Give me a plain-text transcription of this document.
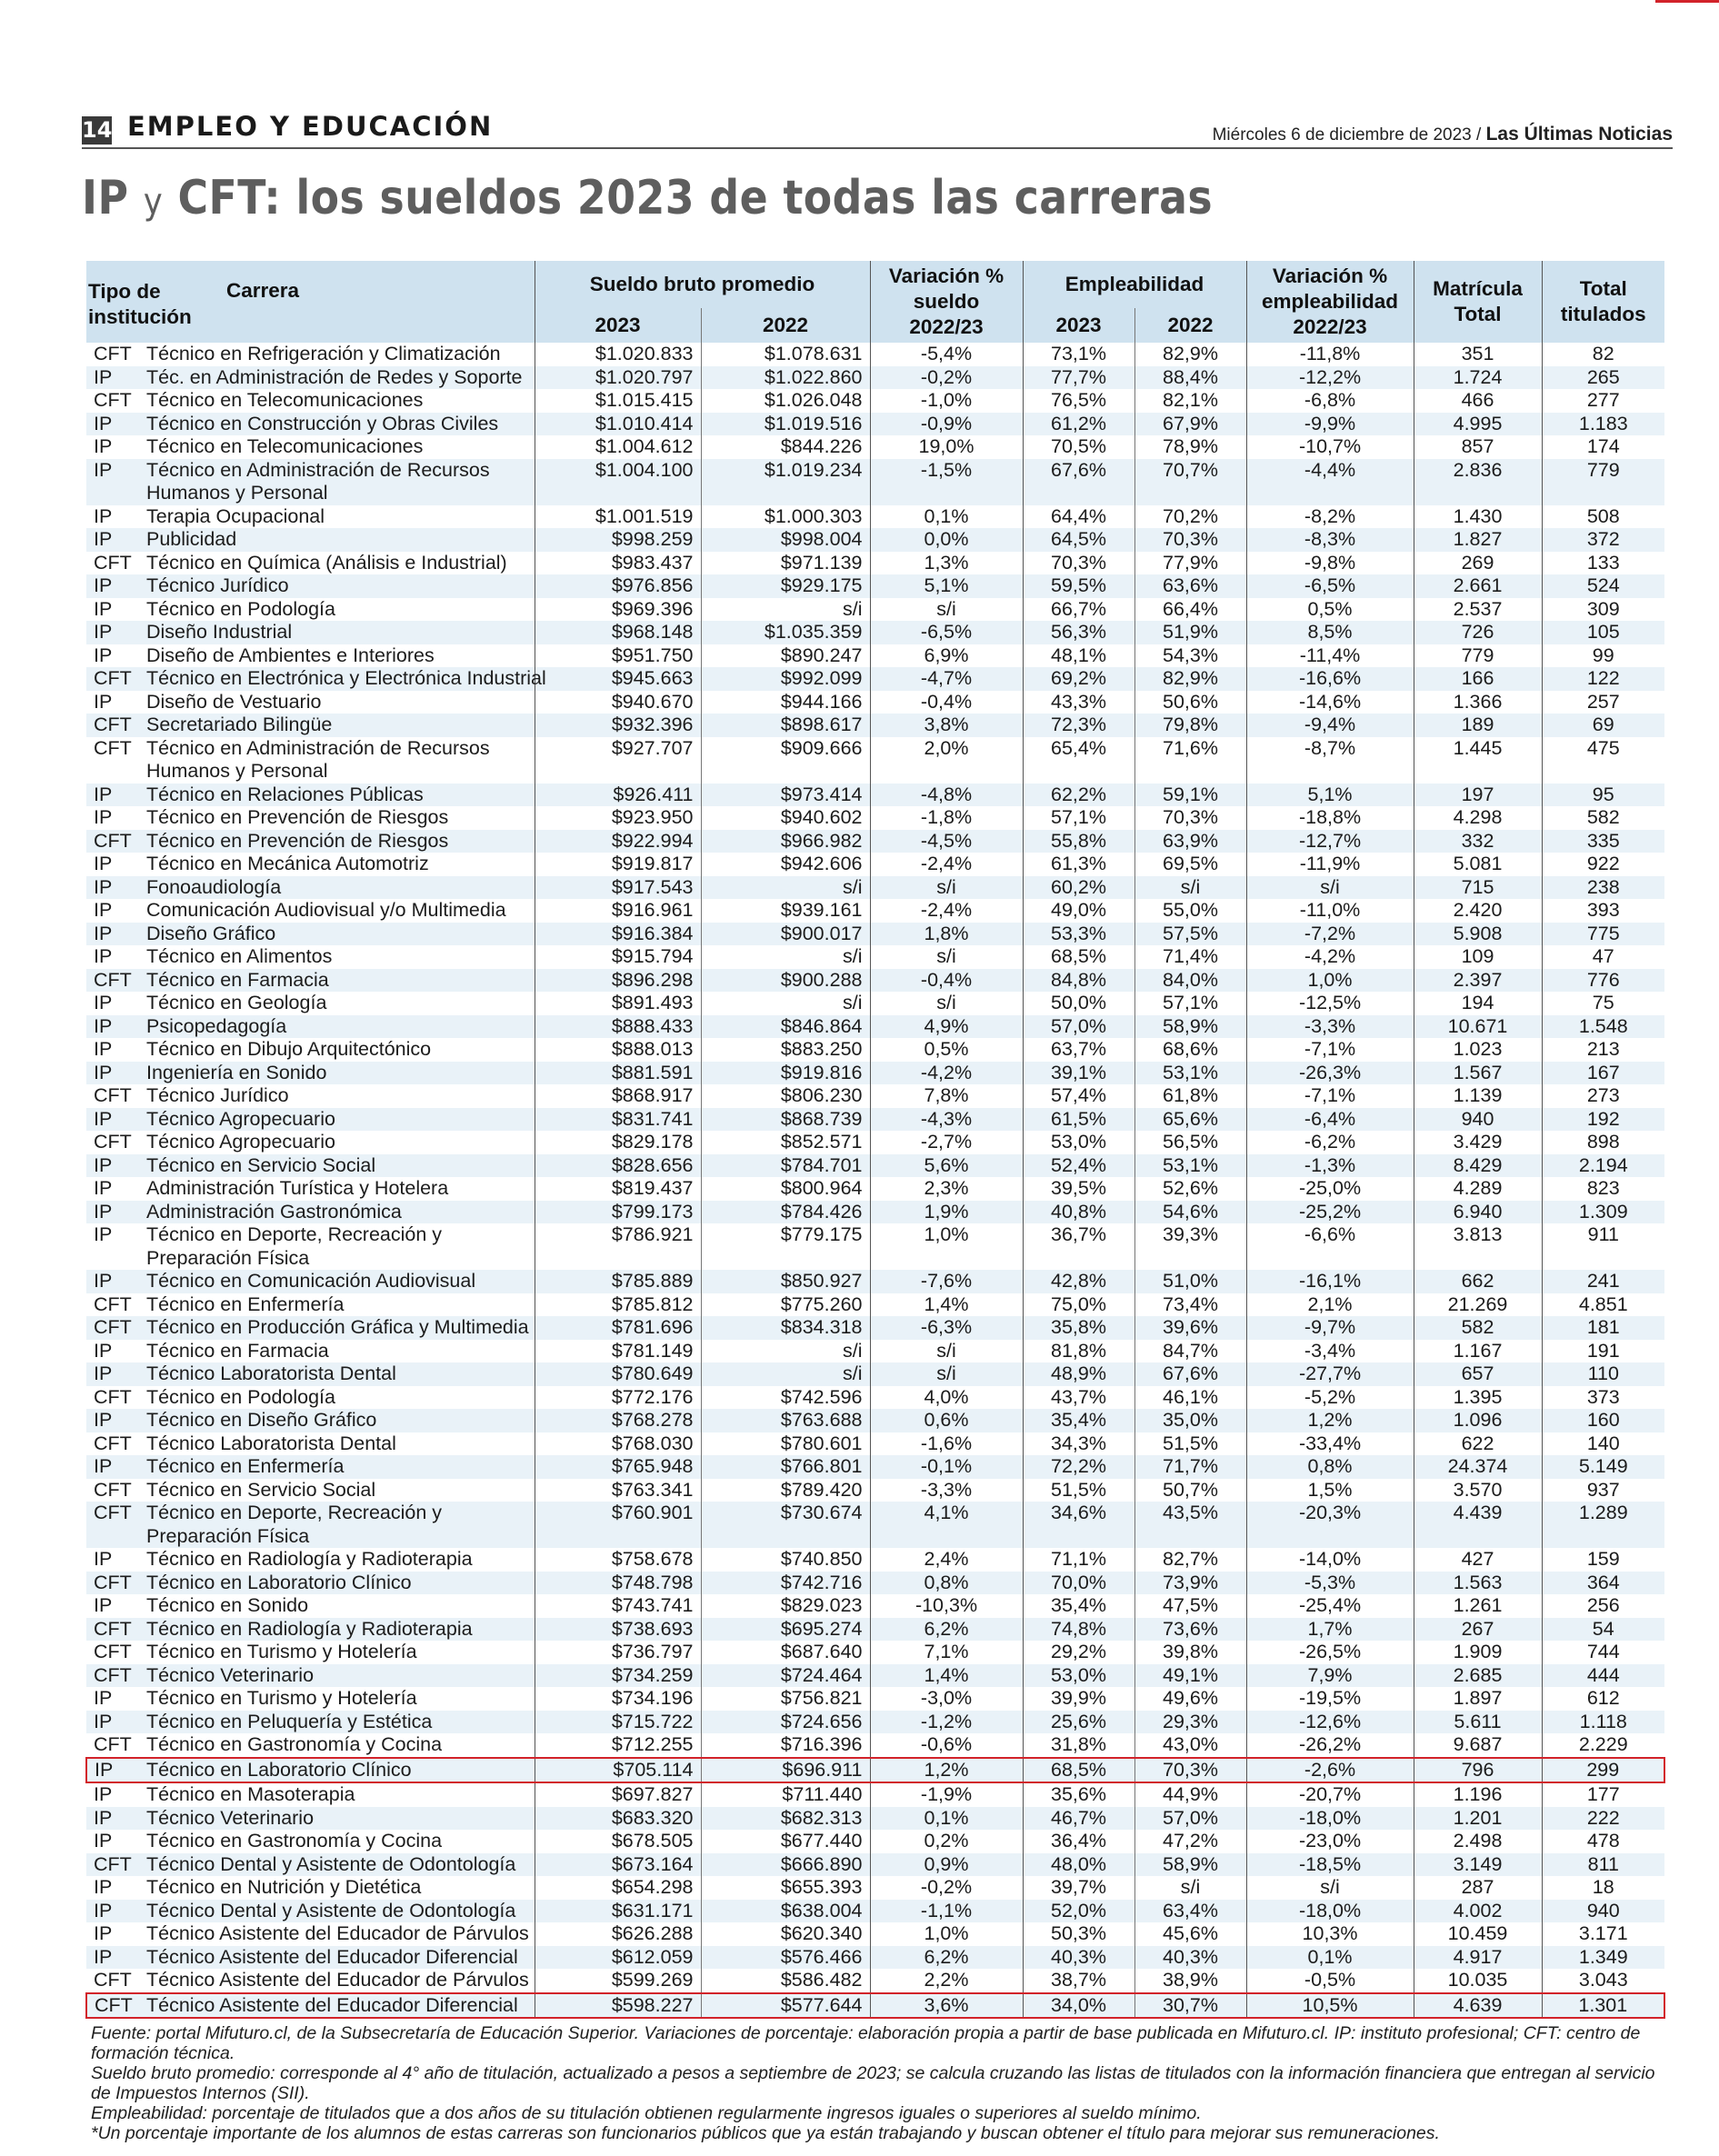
14 EMPLEO Y EDUCACIÓN	Miércoles 6 de diciembre de 2023 / Las Últimas Noticias
IP y CFT: los sueldos 2023 de todas las carreras
Tipo de institución
Carrera		Sueldo bruto promedio		Variación % sueldo 2022/23	Empleabilidad		Variación % empleabilidad 2022/23	Matrícula Total	Total titulados
		2023	2022		2023	2022			
CFT	Técnico en Refrigeración y Climatización	$1.020.833	$1.078.631	-5,4%	73,1%	82,9%	-11,8%	351	82
IP	Téc. en Administración de Redes y Soporte	$1.020.797	$1.022.860	-0,2%	77,7%	88,4%	-12,2%	1.724	265
CFT	Técnico en Telecomunicaciones	$1.015.415	$1.026.048	-1,0%	76,5%	82,1%	-6,8%	466	277
IP	Técnico en Construcción y Obras Civiles	$1.010.414	$1.019.516	-0,9%	61,2%	67,9%	-9,9%	4.995	1.183
IP	Técnico en Telecomunicaciones	$1.004.612	$844.226	19,0%	70,5%	78,9%	-10,7%	857	174
IP	Técnico en Administración de Recursos Humanos y Personal	$1.004.100	$1.019.234	-1,5%	67,6%	70,7%	-4,4%	2.836	779
IP	Terapia Ocupacional	$1.001.519	$1.000.303	0,1%	64,4%	70,2%	-8,2%	1.430	508
IP	Publicidad	$998.259	$998.004	0,0%	64,5%	70,3%	-8,3%	1.827	372
CFT	Técnico en Química (Análisis e Industrial)	$983.437	$971.139	1,3%	70,3%	77,9%	-9,8%	269	133
IP	Técnico Jurídico	$976.856	$929.175	5,1%	59,5%	63,6%	-6,5%	2.661	524
IP	Técnico en Podología	$969.396	s/i	s/i	66,7%	66,4%	0,5%	2.537	309
IP	Diseño Industrial	$968.148	$1.035.359	-6,5%	56,3%	51,9%	8,5%	726	105
IP	Diseño de Ambientes e Interiores	$951.750	$890.247	6,9%	48,1%	54,3%	-11,4%	779	99
CFT	Técnico en Electrónica y Electrónica Industrial	$945.663	$992.099	-4,7%	69,2%	82,9%	-16,6%	166	122
IP	Diseño de Vestuario	$940.670	$944.166	-0,4%	43,3%	50,6%	-14,6%	1.366	257
CFT	Secretariado Bilingüe	$932.396	$898.617	3,8%	72,3%	79,8%	-9,4%	189	69
CFT	Técnico en Administración de Recursos Humanos y Personal	$927.707	$909.666	2,0%	65,4%	71,6%	-8,7%	1.445	475
IP	Técnico en Relaciones Públicas	$926.411	$973.414	-4,8%	62,2%	59,1%	5,1%	197	95
IP	Técnico en Prevención de Riesgos	$923.950	$940.602	-1,8%	57,1%	70,3%	-18,8%	4.298	582
CFT	Técnico en Prevención de Riesgos	$922.994	$966.982	-4,5%	55,8%	63,9%	-12,7%	332	335
IP	Técnico en Mecánica Automotriz	$919.817	$942.606	-2,4%	61,3%	69,5%	-11,9%	5.081	922
IP	Fonoaudiología	$917.543	s/i	s/i	60,2%	s/i	s/i	715	238
IP	Comunicación Audiovisual y/o Multimedia	$916.961	$939.161	-2,4%	49,0%	55,0%	-11,0%	2.420	393
IP	Diseño Gráfico	$916.384	$900.017	1,8%	53,3%	57,5%	-7,2%	5.908	775
IP	Técnico en Alimentos	$915.794	s/i	s/i	68,5%	71,4%	-4,2%	109	47
CFT	Técnico en Farmacia	$896.298	$900.288	-0,4%	84,8%	84,0%	1,0%	2.397	776
IP	Técnico en Geología	$891.493	s/i	s/i	50,0%	57,1%	-12,5%	194	75
IP	Psicopedagogía	$888.433	$846.864	4,9%	57,0%	58,9%	-3,3%	10.671	1.548
IP	Técnico en Dibujo Arquitectónico	$888.013	$883.250	0,5%	63,7%	68,6%	-7,1%	1.023	213
IP	Ingeniería en Sonido	$881.591	$919.816	-4,2%	39,1%	53,1%	-26,3%	1.567	167
CFT	Técnico Jurídico	$868.917	$806.230	7,8%	57,4%	61,8%	-7,1%	1.139	273
IP	Técnico Agropecuario	$831.741	$868.739	-4,3%	61,5%	65,6%	-6,4%	940	192
CFT	Técnico Agropecuario	$829.178	$852.571	-2,7%	53,0%	56,5%	-6,2%	3.429	898
IP	Técnico en Servicio Social	$828.656	$784.701	5,6%	52,4%	53,1%	-1,3%	8.429	2.194
IP	Administración Turística y Hotelera	$819.437	$800.964	2,3%	39,5%	52,6%	-25,0%	4.289	823
IP	Administración Gastronómica	$799.173	$784.426	1,9%	40,8%	54,6%	-25,2%	6.940	1.309
IP	Técnico en Deporte, Recreación y Preparación Física	$786.921	$779.175	1,0%	36,7%	39,3%	-6,6%	3.813	911
IP	Técnico en Comunicación Audiovisual	$785.889	$850.927	-7,6%	42,8%	51,0%	-16,1%	662	241
CFT	Técnico en Enfermería	$785.812	$775.260	1,4%	75,0%	73,4%	2,1%	21.269	4.851
CFT	Técnico en Producción Gráfica y Multimedia	$781.696	$834.318	-6,3%	35,8%	39,6%	-9,7%	582	181
IP	Técnico en Farmacia	$781.149	s/i	s/i	81,8%	84,7%	-3,4%	1.167	191
IP	Técnico Laboratorista Dental	$780.649	s/i	s/i	48,9%	67,6%	-27,7%	657	110
CFT	Técnico en Podología	$772.176	$742.596	4,0%	43,7%	46,1%	-5,2%	1.395	373
IP	Técnico en Diseño Gráfico	$768.278	$763.688	0,6%	35,4%	35,0%	1,2%	1.096	160
CFT	Técnico Laboratorista Dental	$768.030	$780.601	-1,6%	34,3%	51,5%	-33,4%	622	140
IP	Técnico en Enfermería	$765.948	$766.801	-0,1%	72,2%	71,7%	0,8%	24.374	5.149
CFT	Técnico en Servicio Social	$763.341	$789.420	-3,3%	51,5%	50,7%	1,5%	3.570	937
CFT	Técnico en Deporte, Recreación y Preparación Física	$760.901	$730.674	4,1%	34,6%	43,5%	-20,3%	4.439	1.289
IP	Técnico en Radiología y Radioterapia	$758.678	$740.850	2,4%	71,1%	82,7%	-14,0%	427	159
CFT	Técnico en Laboratorio Clínico	$748.798	$742.716	0,8%	70,0%	73,9%	-5,3%	1.563	364
IP	Técnico en Sonido	$743.741	$829.023	-10,3%	35,4%	47,5%	-25,4%	1.261	256
CFT	Técnico en Radiología y Radioterapia	$738.693	$695.274	6,2%	74,8%	73,6%	1,7%	267	54
CFT	Técnico en Turismo y Hotelería	$736.797	$687.640	7,1%	29,2%	39,8%	-26,5%	1.909	744
CFT	Técnico Veterinario	$734.259	$724.464	1,4%	53,0%	49,1%	7,9%	2.685	444
IP	Técnico en Turismo y Hotelería	$734.196	$756.821	-3,0%	39,9%	49,6%	-19,5%	1.897	612
IP	Técnico en Peluquería y Estética	$715.722	$724.656	-1,2%	25,6%	29,3%	-12,6%	5.611	1.118
CFT	Técnico en Gastronomía y Cocina	$712.255	$716.396	-0,6%	31,8%	43,0%	-26,2%	9.687	2.229
IP	Técnico en Laboratorio Clínico	$705.114	$696.911	1,2%	68,5%	70,3%	-2,6%	796	299
IP	Técnico en Masoterapia	$697.827	$711.440	-1,9%	35,6%	44,9%	-20,7%	1.196	177
IP	Técnico Veterinario	$683.320	$682.313	0,1%	46,7%	57,0%	-18,0%	1.201	222
IP	Técnico en Gastronomía y Cocina	$678.505	$677.440	0,2%	36,4%	47,2%	-23,0%	2.498	478
CFT	Técnico Dental y Asistente de Odontología	$673.164	$666.890	0,9%	48,0%	58,9%	-18,5%	3.149	811
IP	Técnico en Nutrición y Dietética	$654.298	$655.393	-0,2%	39,7%	s/i	s/i	287	18
IP	Técnico Dental y Asistente de Odontología	$631.171	$638.004	-1,1%	52,0%	63,4%	-18,0%	4.002	940
IP	Técnico Asistente del Educador de Párvulos	$626.288	$620.340	1,0%	50,3%	45,6%	10,3%	10.459	3.171
IP	Técnico Asistente del Educador Diferencial	$612.059	$576.466	6,2%	40,3%	40,3%	0,1%	4.917	1.349
CFT	Técnico Asistente del Educador de Párvulos	$599.269	$586.482	2,2%	38,7%	38,9%	-0,5%	10.035	3.043
CFT	Técnico Asistente del Educador Diferencial	$598.227	$577.644	3,6%	34,0%	30,7%	10,5%	4.639	1.301

Fuente: portal Mifuturo.cl, de la Subsecretaría de Educación Superior. Variaciones de porcentaje: elaboración propia a partir de base publicada en Mifuturo.cl. IP: instituto profesional; CFT: centro de formación técnica.

Sueldo bruto promedio: corresponde al 4° año de titulación, actualizado a pesos a septiembre de 2023; se calcula cruzando las listas de titulados con la información financiera que entregan al servicio de Impuestos Internos (SII).

Empleabilidad: porcentaje de titulados que a dos años de su titulación obtienen regularmente ingresos iguales o superiores al sueldo mínimo.

*Un porcentaje importante de los alumnos de estas carreras son funcionarios públicos que ya están trabajando y buscan obtener el título para mejorar sus remuneraciones.
